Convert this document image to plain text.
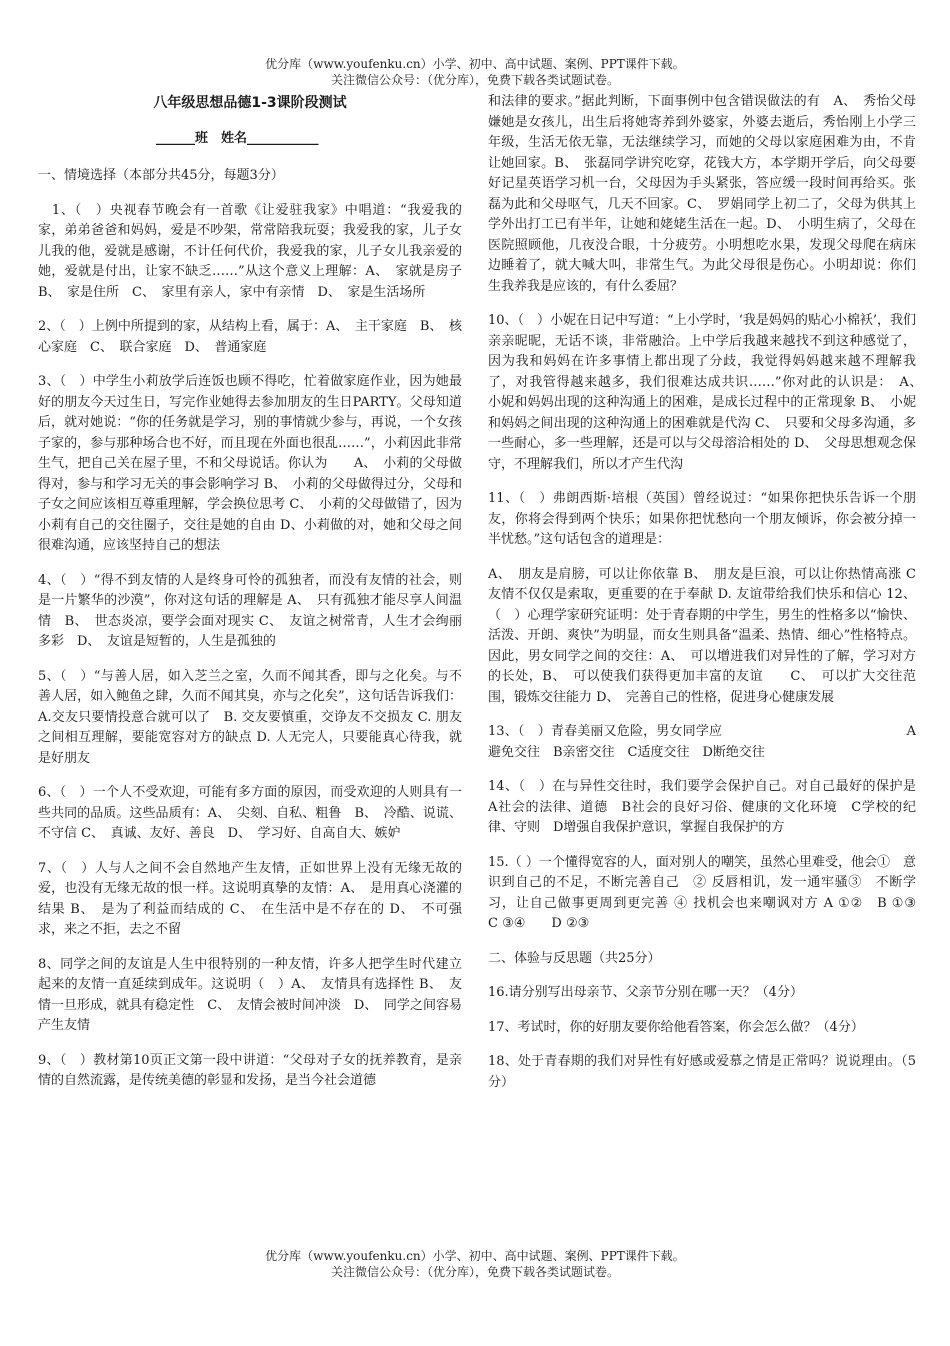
优分库（www.youfenku.cn）小学、初中、高中试题、案例、PPT课件下载。
关注微信公众号：（优分库），免费下载各类试题试卷。
八年级思想品德1-3课阶段测试
______班　姓名___________
一、情境选择（本部分共45分，每题3分）
　1、（　）央视春节晚会有一首歌《让爱驻我家》中唱道：“我爱我的家，弟弟爸爸和妈妈，爱是不吵架，常常陪我玩耍；我爱我的家，儿子女儿我的他，爱就是感谢，不计任何代价，我爱我的家，儿子女儿我亲爱的她，爱就是付出，让家不缺乏……”从这个意义上理解：A、　家就是房子　B、　家是住所　C、　家里有亲人，家中有亲情　D、　家是生活场所
2、（　）上例中所提到的家，从结构上看，属于：A、　主干家庭　B、　核心家庭　C、　联合家庭　D、　普通家庭
3、（　）中学生小莉放学后连饭也顾不得吃，忙着做家庭作业，因为她最好的朋友今天过生日，写完作业她得去参加朋友的生日PARTY。父母知道后，就对她说：“你的任务就是学习，别的事情就少参与，再说，一个女孩子家的，参与那种场合也不好，而且现在外面也很乱……”，小莉因此非常生气，把自己关在屋子里，不和父母说话。你认为　　A、　小莉的父母做得对，参与和学习无关的事会影响学习 B、　小莉的父母做得过分，父母和子女之间应该相互尊重理解，学会换位思考 C、　小莉的父母做错了，因为小莉有自己的交往圈子，交往是她的自由 D、小莉做的对，她和父母之间很难沟通，应该坚持自己的想法
4、（　）“得不到友情的人是终身可怜的孤独者，而没有友情的社会，则是一片繁华的沙漠”，你对这句话的理解是 A、　只有孤独才能尽享人间温情　B、　世态炎凉，要学会面对现实 C、　友谊之树常青，人生才会绚丽多彩　D、　友谊是短暂的，人生是孤独的
5、（　）“与善人居，如入芝兰之室，久而不闻其香，即与之化矣。与不善人居，如入鲍鱼之肆，久而不闻其臭，亦与之化矣”，这句话告诉我们：A.交友只要情投意合就可以了　B. 交友要慎重，交诤友不交损友 C. 朋友之间相互理解，要能宽容对方的缺点 D. 人无完人，只要能真心待我，就是好朋友
6、（　）一个人不受欢迎，可能有多方面的原因，而受欢迎的人则具有一些共同的品质。这些品质有：A、　尖刻、自私、粗鲁　B、　冷酷、说谎、不守信 C、　真诚、友好、善良　D、　学习好、自高自大、嫉妒
7、（　）人与人之间不会自然地产生友情，正如世界上没有无缘无故的爱，也没有无缘无故的恨一样。这说明真挚的友情：A、　是用真心浇灌的结果 B、　是为了利益而结成的 C、　在生活中是不存在的 D、　不可强求，来之不拒，去之不留
8、同学之间的友谊是人生中很特别的一种友情，许多人把学生时代建立起来的友情一直延续到成年。这说明（　）A、　友情具有选择性 B、　友情一旦形成，就具有稳定性　C、　友情会被时间冲淡　D、　同学之间容易产生友情
9、（　）教材第10页正文第一段中讲道：“父母对子女的抚养教育，是亲情的自然流露，是传统美德的彰显和发扬，是当今社会道德
和法律的要求。”据此判断，下面事例中包含错误做法的有　A、　秀怡父母嫌她是女孩儿，出生后将她寄养到外婆家，外婆去逝后，秀怡刚上小学三年级，生活无依无靠，无法继续学习，而她的父母以家庭困难为由，不肯让她回家。B、　张磊同学讲究吃穿，花钱大方，本学期开学后，向父母要好记星英语学习机一台，父母因为手头紧张，答应缓一段时间再给买。张磊为此和父母呕气，几天不回家。C、　罗娟同学上初二了，父母为供其上学外出打工已有半年，让她和姥姥生活在一起。D、　小明生病了，父母在医院照顾他，几夜没合眼，十分疲劳。小明想吃水果，发现父母爬在病床边睡着了，就大喊大叫，非常生气。为此父母很是伤心。小明却说：你们生我养我是应该的，有什么委屈？
10、（　）小妮在日记中写道：“上小学时，‘我是妈妈的贴心小棉袄’，我们亲亲昵昵，无话不谈，非常融洽。上中学后我越来越找不到这种感觉了，因为我和妈妈在许多事情上都出现了分歧，我觉得妈妈越来越不理解我了，对我管得越来越多，我们很难达成共识……”你对此的认识是：　A、　小妮和妈妈出现的这种沟通上的困难，是成长过程中的正常现象 B、　小妮和妈妈之间出现的这种沟通上的困难就是代沟 C、　只要和父母多沟通，多一些耐心，多一些理解，还是可以与父母溶洽相处的 D、　父母思想观念保守，不理解我们，所以才产生代沟
11、（　）弗朗西斯·培根（英国）曾经说过：“如果你把快乐告诉一个朋友，你将会得到两个快乐；如果你把忧愁向一个朋友倾诉，你会被分掉一半忧愁。”这句话包含的道理是：
A、　朋友是肩膀，可以让你依靠 B、　朋友是巨浪，可以让你热情高涨 C 友情不仅仅是索取，更重要的在于奉献 D. 友谊带给我们快乐和信心 12、（　）心理学家研究证明：处于青春期的中学生，男生的性格多以“愉快、活泼、开朗、爽快”为明显，而女生则具备“温柔、热情、细心”性格特点。因此，男女同学之间的交往：A、　可以增进我们对异性的了解，学习对方的长处，B、　可以使我们获得更加丰富的友谊　　C、　可以扩大交往范围，锻炼交往能力 D、　完善自己的性格，促进身心健康发展
13、（　）青春美丽又危险，男女同学应　　　　　　　　　　　　　　A避免交往　B亲密交往　C适度交往　D断绝交往
14、（　）在与异性交往时，我们要学会保护自己。对自己最好的保护是　A社会的法律、道德　B社会的良好习俗、健康的文化环境　C学校的纪律、守则　D增强自我保护意识，掌握自我保护的方
15.（ ）一个懂得宽容的人，面对别人的嘲笑，虽然心里难受，他会①　意识到自己的不足，不断完善自己　② 反唇相讥，发一通牢骚③　不断学习，让自己做事更周到更完善 ④ 找机会也来嘲讽对方 A ①②　B ①③　　C ③④　　D ②③
二、体验与反思题（共25分）
16.请分别写出母亲节、父亲节分别在哪一天？（4分）
17、考试时，你的好朋友要你给他看答案，你会怎么做？（4分）
18、处于青春期的我们对异性有好感或爱慕之情是正常吗？说说理由。（5分）
优分库（www.youfenku.cn）小学、初中、高中试题、案例、PPT课件下载。
关注微信公众号：（优分库），免费下载各类试题试卷。
